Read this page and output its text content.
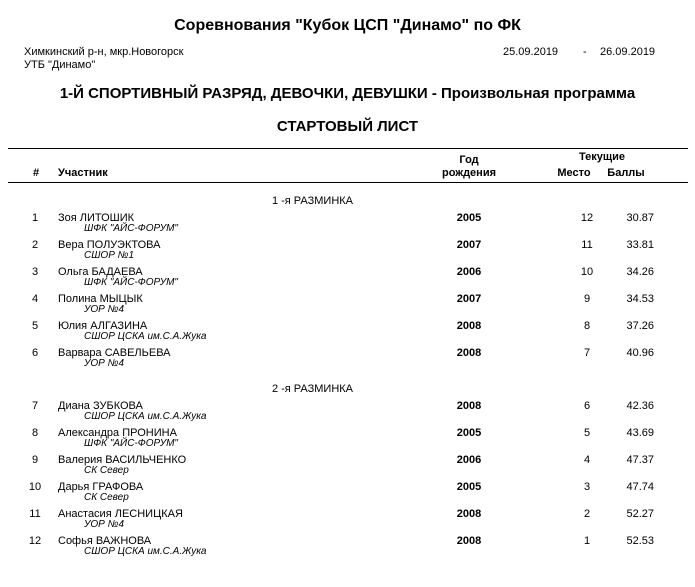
Соревнования "Кубок ЦСП "Динамо" по ФК
Химкинский р-н, мкр.Новогорск
УТБ "Динамо"
25.09.2019 - 26.09.2019
1-Й СПОРТИВНЫЙ РАЗРЯД, ДЕВОЧКИ, ДЕВУШКИ - Произвольная программа
СТАРТОВЫЙ ЛИСТ
# Участник
Год
рождения
Текущие
Место	Баллы
1 -я РАЗМИНКА
1	Зоя ЛИТОШИК
ШФК "АЙС-ФОРУМ"
2005	12	30.87
2	Вера ПОЛУЭКТОВА
СШОР №1
2007	11	33.81
3	Ольга БАДАЕВА
ШФК "АЙС-ФОРУМ"
2006	10	34.26
4	Полина МЫЦЫК
УОР №4
2007	9	34.53
5	Юлия АЛГАЗИНА
СШОР ЦСКА им.С.А.Жука
2008	8	37.26
6	Варвара САВЕЛЬЕВА
УОР №4
2008	7	40.96
2 -я РАЗМИНКА
7	Диана ЗУБКОВА
СШОР ЦСКА им.С.А.Жука
2008	6	42.36
8	Александра ПРОНИНА
ШФК "АЙС-ФОРУМ"
2005	5	43.69
9	Валерия ВАСИЛЬЧЕНКО
СК Север
2006	4	47.37
10	Дарья ГРАФОВА
СК Север
2005	3	47.74
11	Анастасия ЛЕСНИЦКАЯ
УОР №4
2008	2	52.27
12	Софья ВАЖНОВА
СШОР ЦСКА им.С.А.Жука
2008	1	52.53
